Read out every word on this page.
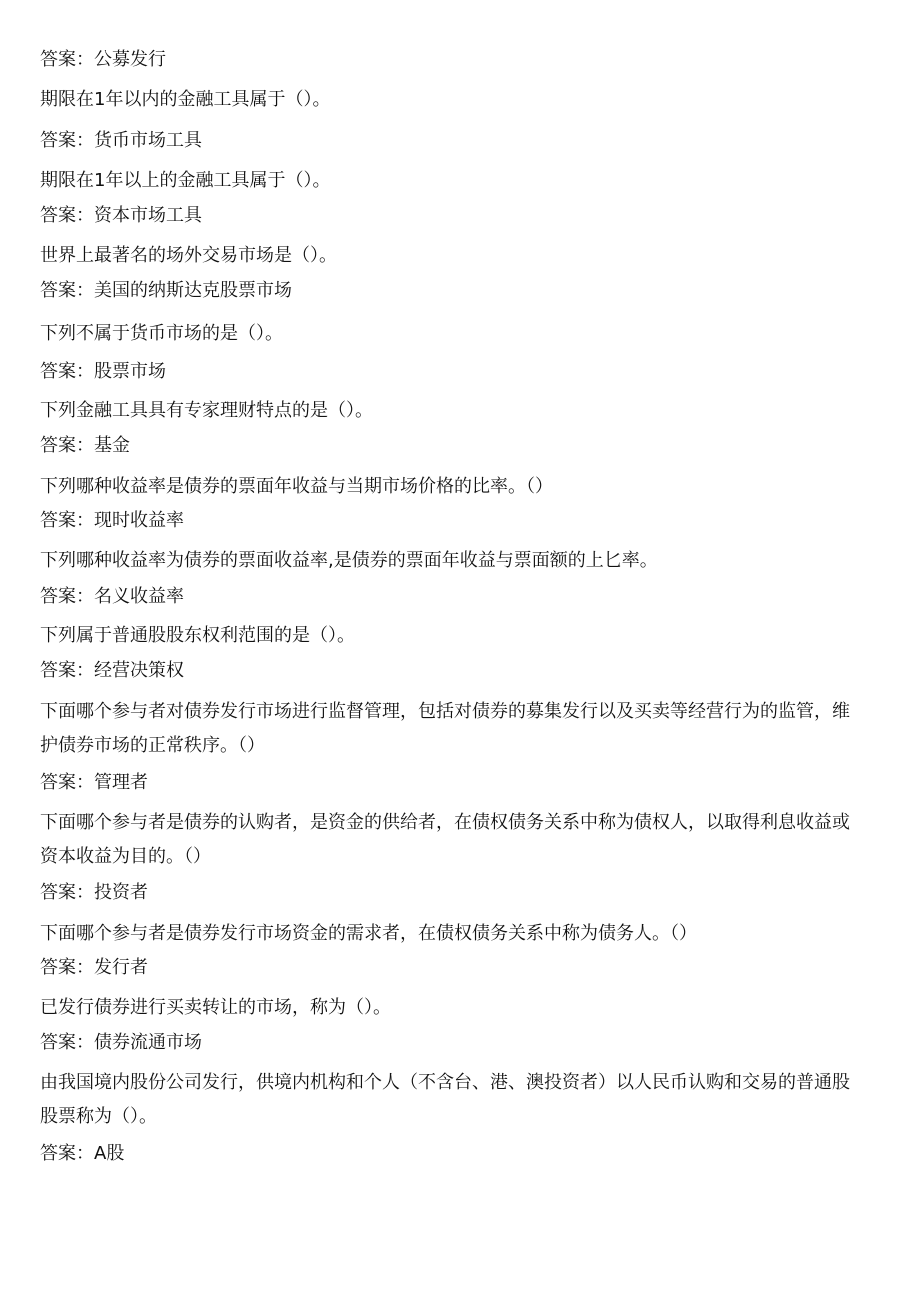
答案：公募发行
期限在1年以内的金融工具属于（）。
答案：货币市场工具
期限在1年以上的金融工具属于（）。
答案：资本市场工具
世界上最著名的场外交易市场是（）。
答案：美国的纳斯达克股票市场
下列不属于货币市场的是（）。
答案：股票市场
下列金融工具具有专家理财特点的是（）。
答案：基金
下列哪种收益率是债券的票面年收益与当期市场价格的比率。（）
答案：现时收益率
下列哪种收益率为债券的票面收益率,是债券的票面年收益与票面额的上匕率。
答案：名义收益率
下列属于普通股股东权利范围的是（）。
答案：经营决策权
下面哪个参与者对债券发行市场进行监督管理，包括对债券的募集发行以及买卖等经营行为的监管，维
护债券市场的正常秩序。（）
答案：管理者
下面哪个参与者是债券的认购者，是资金的供给者，在债权债务关系中称为债权人，以取得利息收益或
资本收益为目的。（）
答案：投资者
下面哪个参与者是债券发行市场资金的需求者，在债权债务关系中称为债务人。（）
答案：发行者
已发行债券进行买卖转让的市场，称为（）。
答案：债券流通市场
由我国境内股份公司发行，供境内机构和个人（不含台、港、澳投资者）以人民币认购和交易的普通股
股票称为（）。
答案：A股
